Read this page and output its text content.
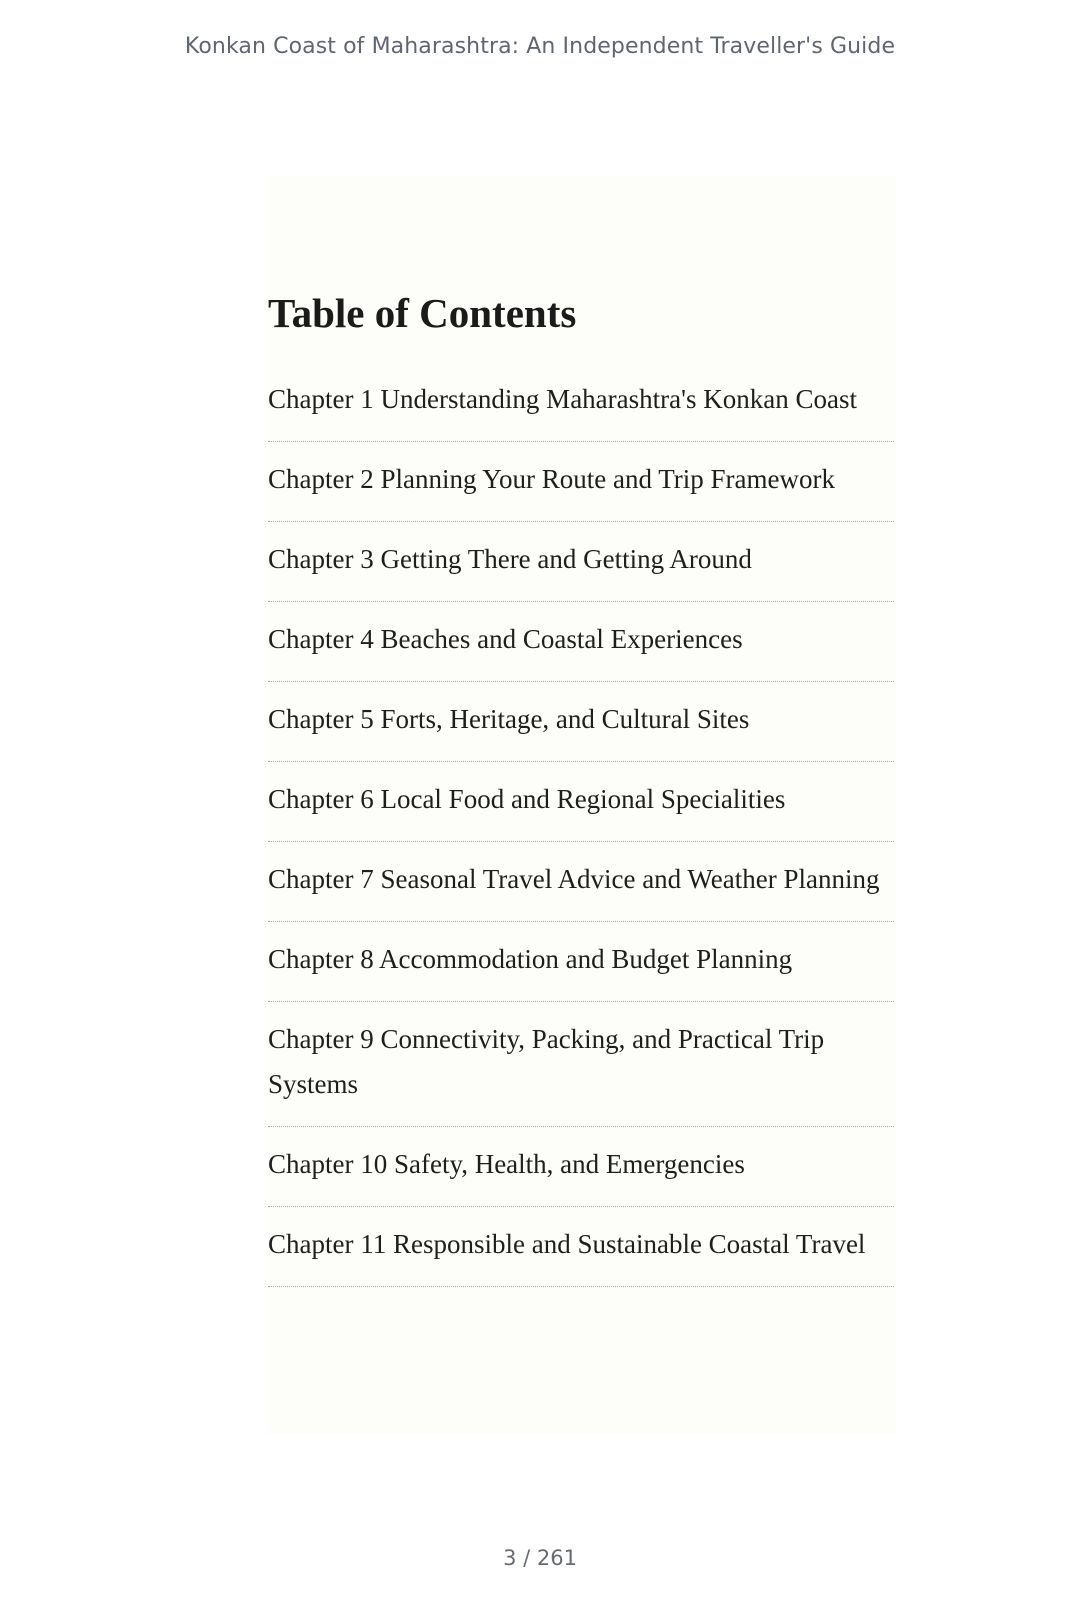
Konkan Coast of Maharashtra: An Independent Traveller's Guide
Table of Contents
Chapter 1 Understanding Maharashtra's Konkan Coast
Chapter 2 Planning Your Route and Trip Framework
Chapter 3 Getting There and Getting Around
Chapter 4 Beaches and Coastal Experiences
Chapter 5 Forts, Heritage, and Cultural Sites
Chapter 6 Local Food and Regional Specialities
Chapter 7 Seasonal Travel Advice and Weather Planning
Chapter 8 Accommodation and Budget Planning
Chapter 9 Connectivity, Packing, and Practical Trip Systems
Chapter 10 Safety, Health, and Emergencies
Chapter 11 Responsible and Sustainable Coastal Travel
3 / 261
